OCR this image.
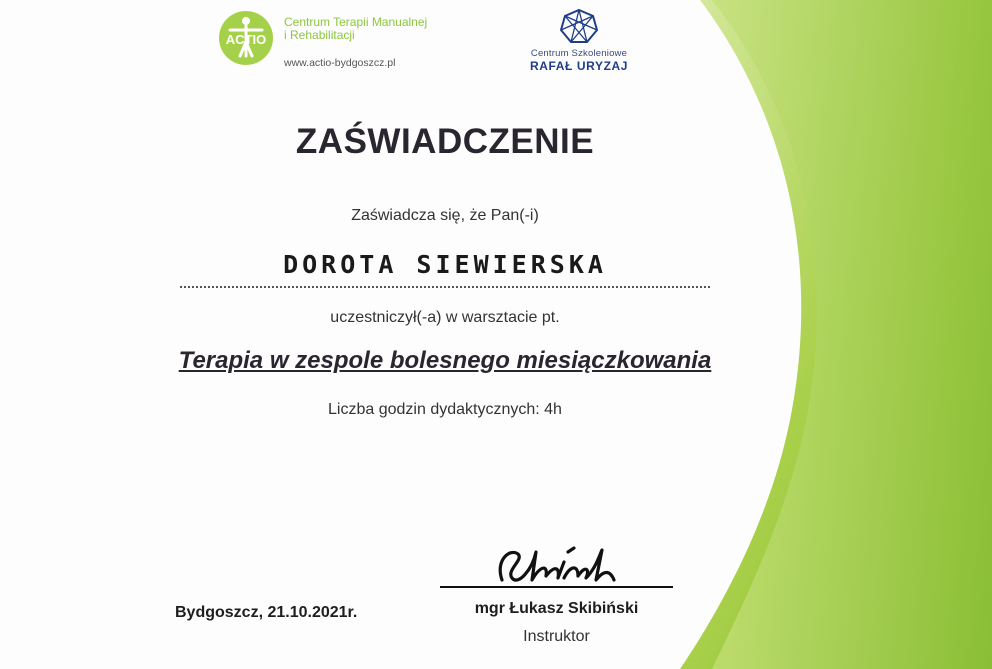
ACTIO
Centrum Terapii Manualnej
i Rehabilitacji
www.actio-bydgoszcz.pl
Centrum Szkoleniowe
RAFAŁ URYZAJ
ZAŚWIADCZENIE
Zaświadcza się, że Pan(-i)
DOROTA SIEWIERSKA
uczestniczył(-a) w warsztacie pt.
Terapia w zespole bolesnego miesiączkowania
Liczba godzin dydaktycznych: 4h
Bydgoszcz, 21.10.2021r.	mgr Łukasz Skibiński
Instruktor
